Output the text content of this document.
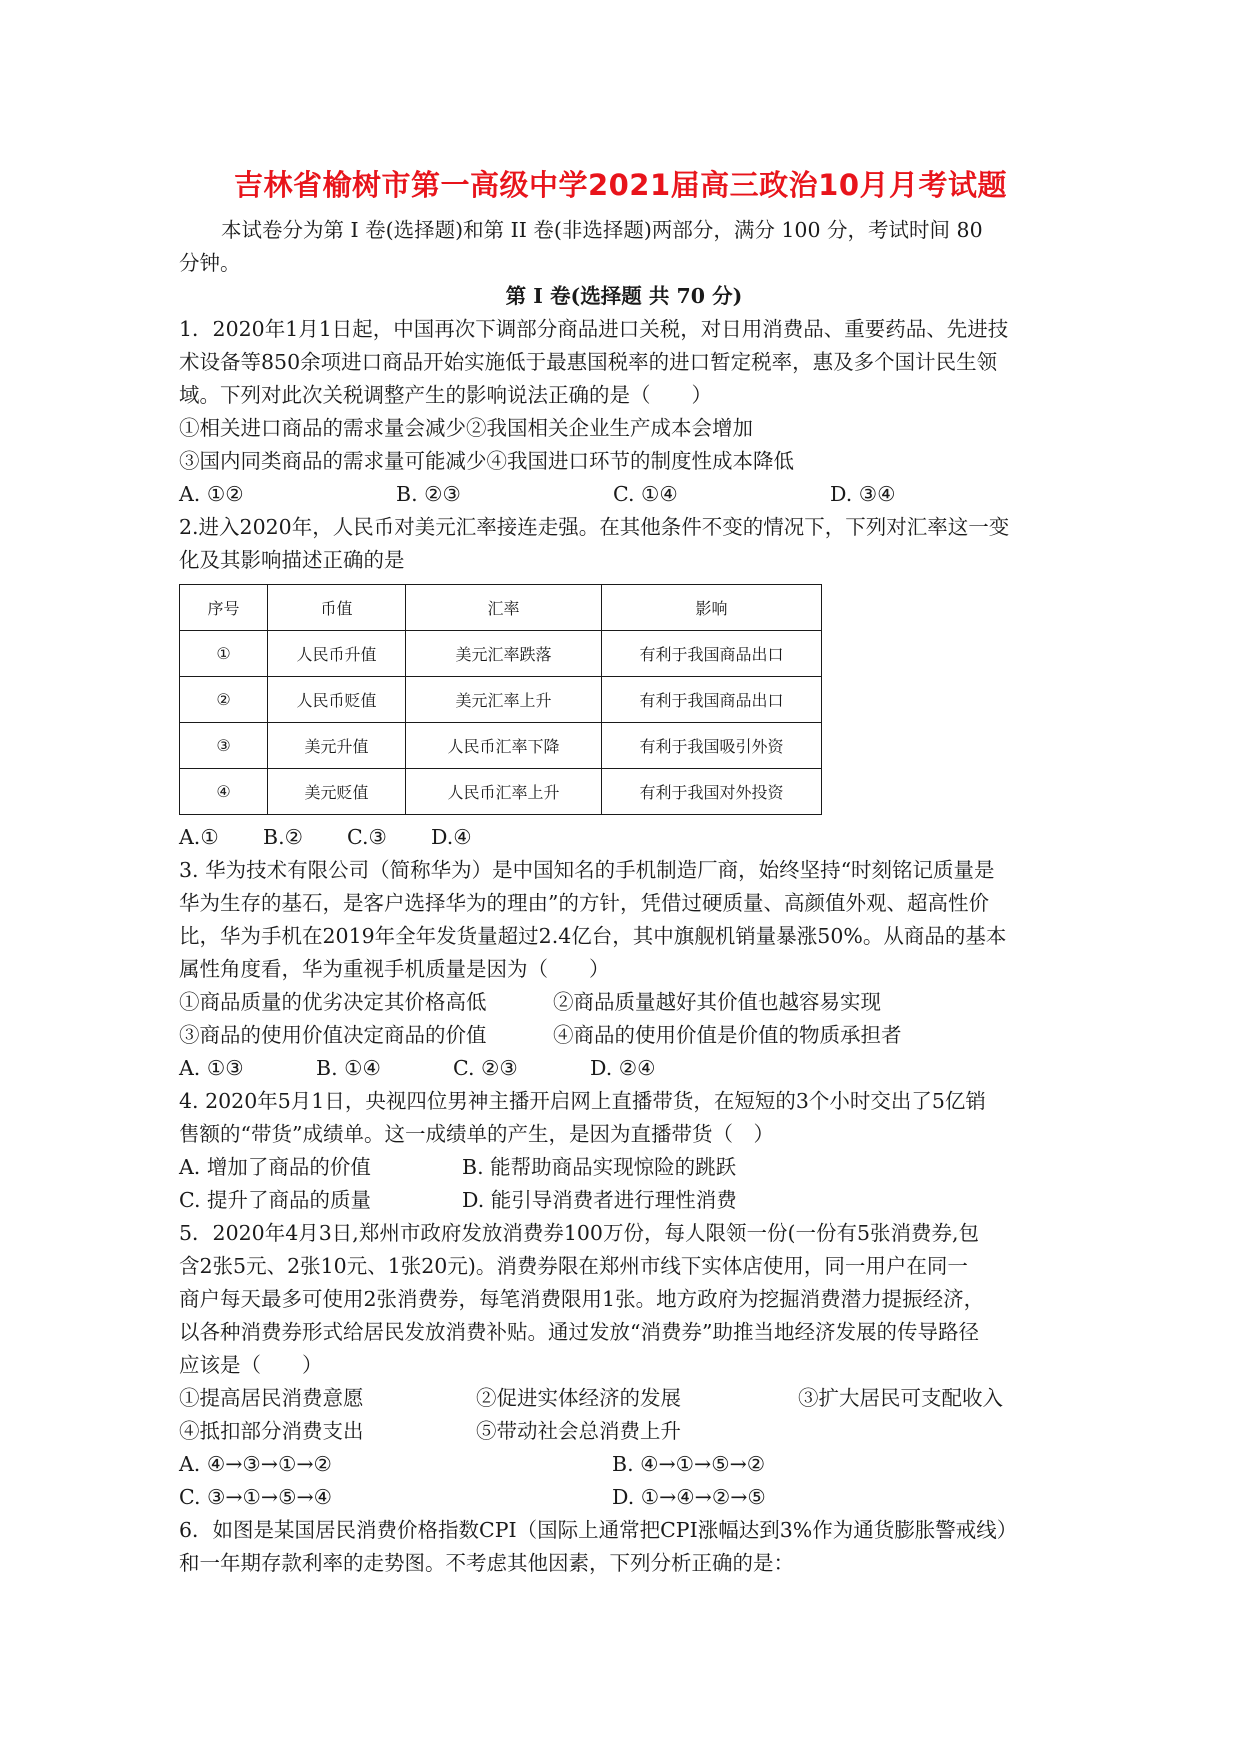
吉林省榆树市第一高级中学2021届高三政治10月月考试题
本试卷分为第 I 卷(选择题)和第 II 卷(非选择题)两部分，满分 100 分，考试时间 80
分钟。
第 I 卷(选择题 共 70 分)
1．2020年1月1日起，中国再次下调部分商品进口关税，对日用消费品、重要药品、先进技
术设备等850余项进口商品开始实施低于最惠国税率的进口暂定税率，惠及多个国计民生领
域。下列对此次关税调整产生的影响说法正确的是（　　）
①相关进口商品的需求量会减少②我国相关企业生产成本会增加
③国内同类商品的需求量可能减少④我国进口环节的制度性成本降低
A. ①②	B. ②③	C. ①④	D. ③④
2.进入2020年，人民币对美元汇率接连走强。在其他条件不变的情况下，下列对汇率这一变
化及其影响描述正确的是
序号	币值	汇率	影响
①	人民币升值	美元汇率跌落	有利于我国商品出口
②	人民币贬值	美元汇率上升	有利于我国商品出口
③	美元升值	人民币汇率下降	有利于我国吸引外资
④	美元贬值	人民币汇率上升	有利于我国对外投资
A.①	B.②	C.③	D.④
3. 华为技术有限公司（简称华为）是中国知名的手机制造厂商，始终坚持“时刻铭记质量是
华为生存的基石，是客户选择华为的理由”的方针，凭借过硬质量、高颜值外观、超高性价
比，华为手机在2019年全年发货量超过2.4亿台，其中旗舰机销量暴涨50%。从商品的基本
属性角度看，华为重视手机质量是因为（　　）
①商品质量的优劣决定其价格高低	②商品质量越好其价值也越容易实现
③商品的使用价值决定商品的价值	④商品的使用价值是价值的物质承担者
A. ①③	B. ①④	C. ②③	D. ②④
4. 2020年5月1日，央视四位男神主播开启网上直播带货，在短短的3个小时交出了5亿销
售额的“带货”成绩单。这一成绩单的产生，是因为直播带货（　）
A. 增加了商品的价值	B. 能帮助商品实现惊险的跳跃
C. 提升了商品的质量	D. 能引导消费者进行理性消费
5．2020年4月3日,郑州市政府发放消费券100万份，每人限领一份(一份有5张消费券,包
含2张5元、2张10元、1张20元)。消费券限在郑州市线下实体店使用，同一用户在同一
商户每天最多可使用2张消费券，每笔消费限用1张。地方政府为挖掘消费潜力提振经济，
以各种消费券形式给居民发放消费补贴。通过发放“消费券”助推当地经济发展的传导路径
应该是（　　）
①提高居民消费意愿	②促进实体经济的发展	③扩大居民可支配收入
④抵扣部分消费支出	⑤带动社会总消费上升
A. ④→③→①→②	B. ④→①→⑤→②
C. ③→①→⑤→④	D. ①→④→②→⑤
6．如图是某国居民消费价格指数CPI（国际上通常把CPI涨幅达到3%作为通货膨胀警戒线）
和一年期存款利率的走势图。不考虑其他因素，下列分析正确的是：
